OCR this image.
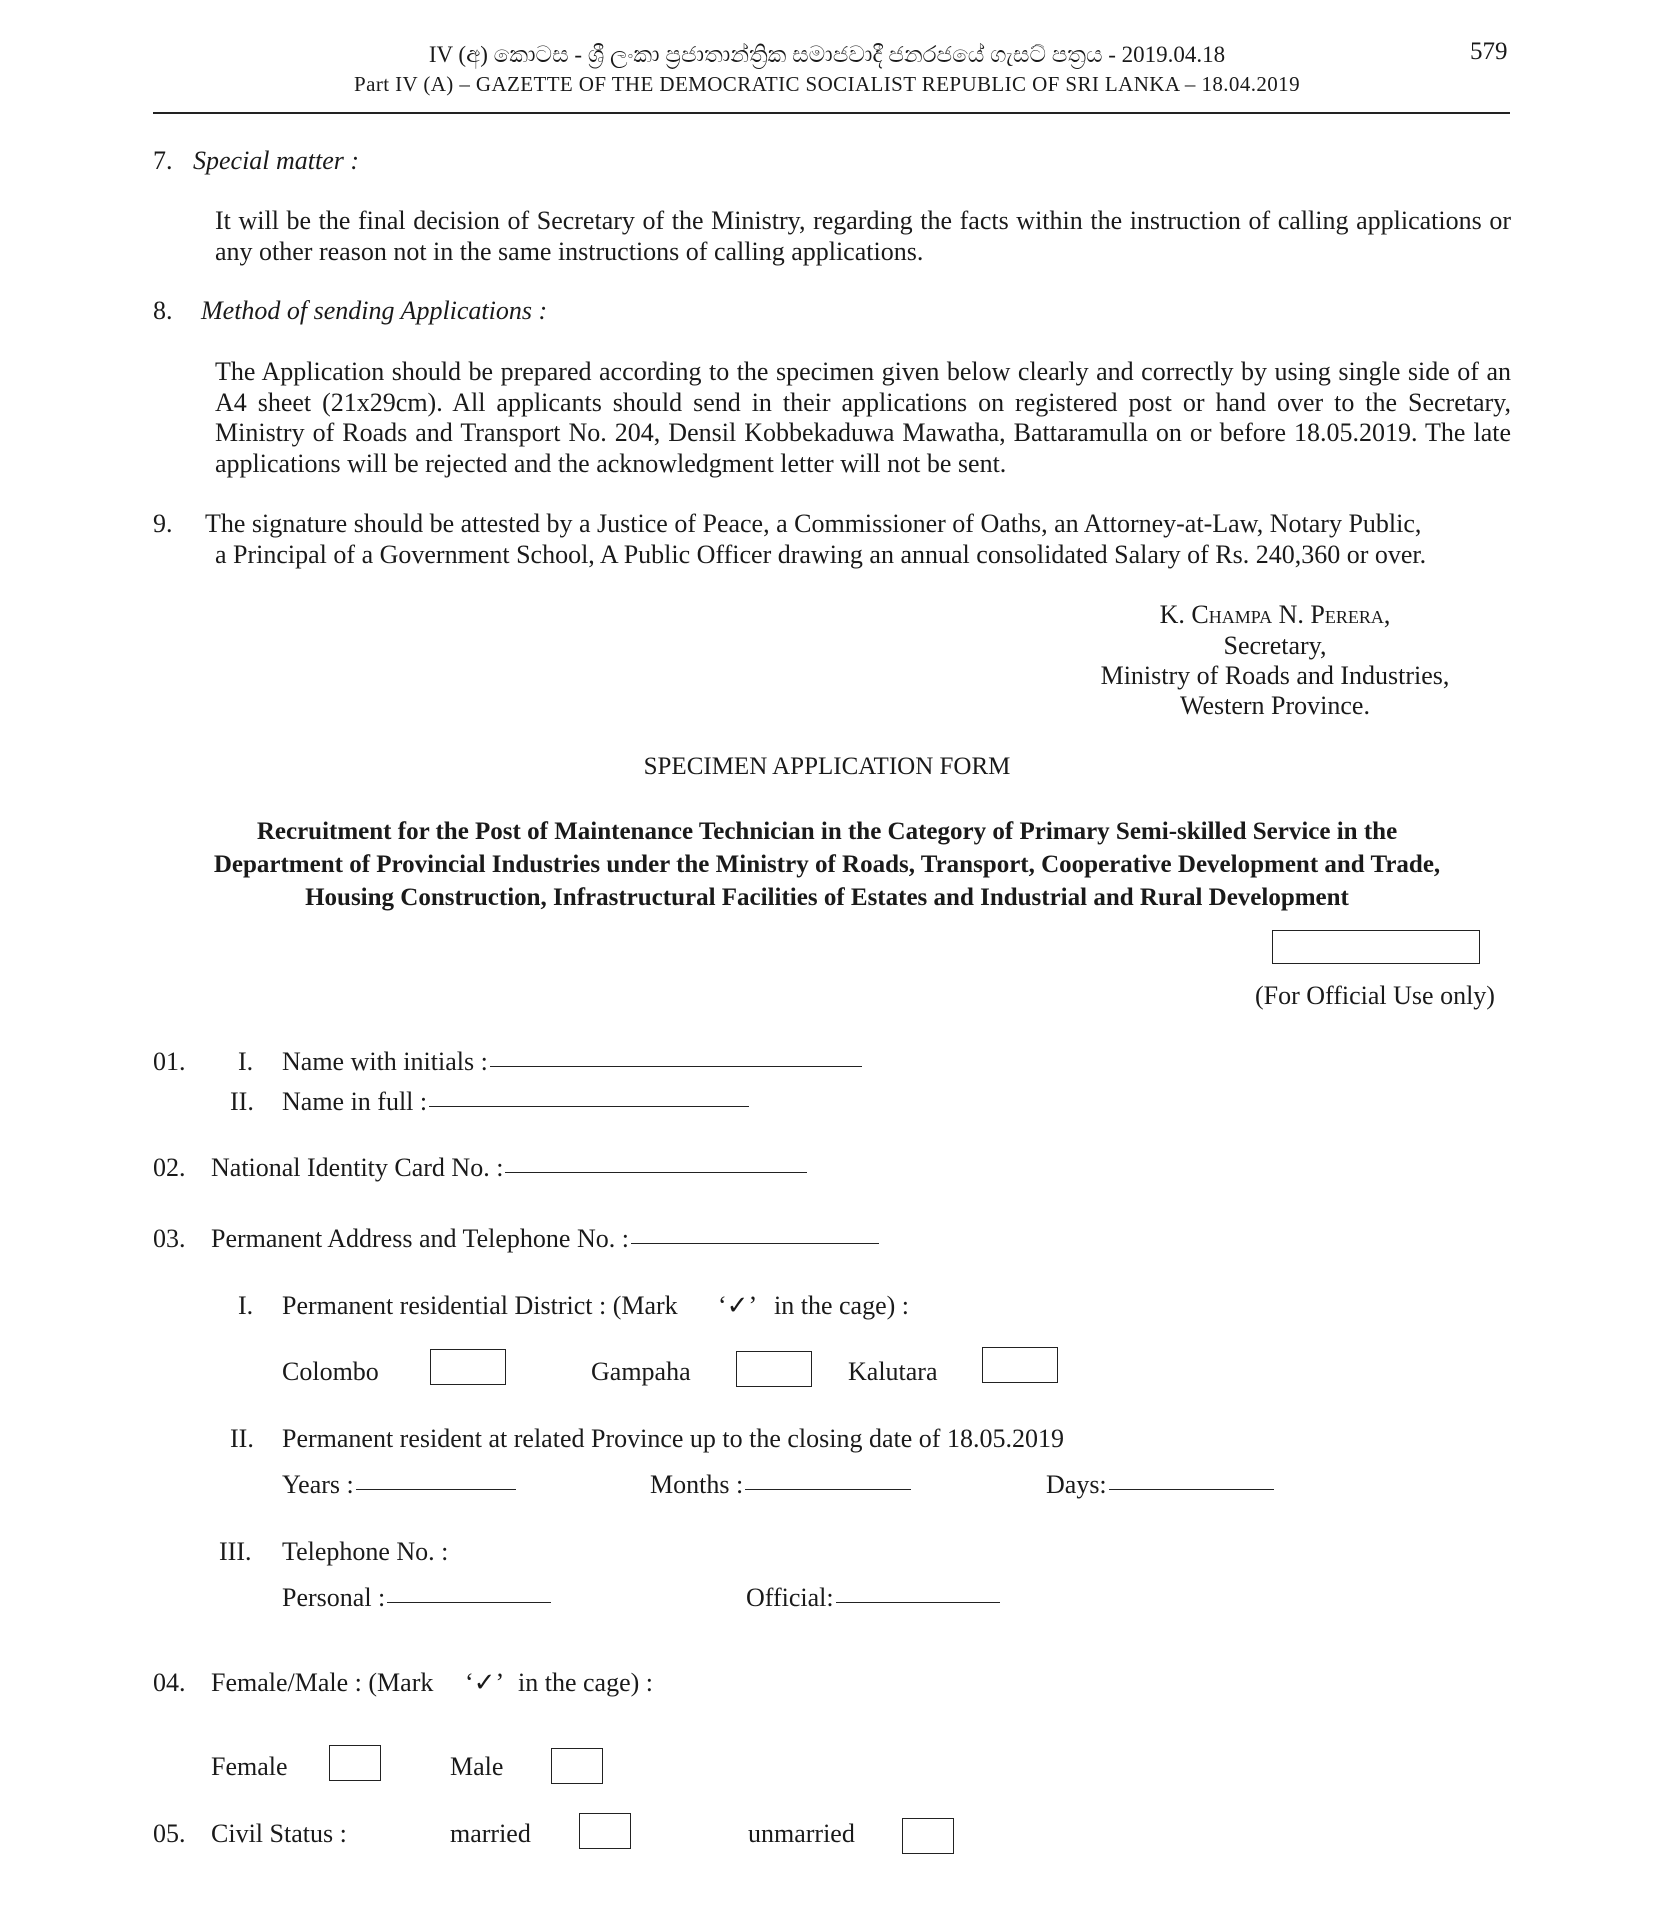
IV (අ) කොටස - ශ්‍රී ලංකා ප්‍රජාතාන්ත්‍රික සමාජවාදී ජනරජයේ ගැසට් පත්‍රය - 2019.04.18
Part IV (A) – GAZETTE OF THE DEMOCRATIC SOCIALIST REPUBLIC OF SRI LANKA – 18.04.2019
579
7. Special matter :
It will be the final decision of Secretary of the Ministry, regarding the facts within the instruction of calling applications or any other reason not in the same instructions of calling applications.
8. Method of sending Applications :
The Application should be prepared according to the specimen given below clearly and correctly by using single side of an A4 sheet (21x29cm). All applicants should send in their applications on registered post or hand over to the Secretary, Ministry of Roads and Transport No. 204, Densil Kobbekaduwa Mawatha, Battaramulla on or before 18.05.2019. The late applications will be rejected and the acknowledgment letter will not be sent.
9. The signature should be attested by a Justice of Peace, a Commissioner of Oaths, an Attorney-at-Law, Notary Public,
a Principal of a Government School, A Public Officer drawing an annual consolidated Salary of Rs. 240,360 or over.
K. Champa N. Perera,
Secretary,
Ministry of Roads and Industries,
Western Province.
SPECIMEN APPLICATION FORM
Recruitment for the Post of Maintenance Technician in the Category of Primary Semi-skilled Service in the
Department of Provincial Industries under the Ministry of Roads, Transport, Cooperative Development and Trade,
Housing Construction, Infrastructural Facilities of Estates and Industrial and Rural Development
(For Official Use only)
01. I. Name with initials :
II. Name in full :
02. National Identity Card No. :
03. Permanent Address and Telephone No. :
I. Permanent residential District : (Mark ‘✓’ in the cage) :
Colombo	Gampaha	Kalutara
II. Permanent resident at related Province up to the closing date of 18.05.2019
Years :	Months :	Days:
III. Telephone No. :
Personal :	Official:
04. Female/Male : (Mark ‘✓’ in the cage) :
Female	Male
05. Civil Status :	married	unmarried
